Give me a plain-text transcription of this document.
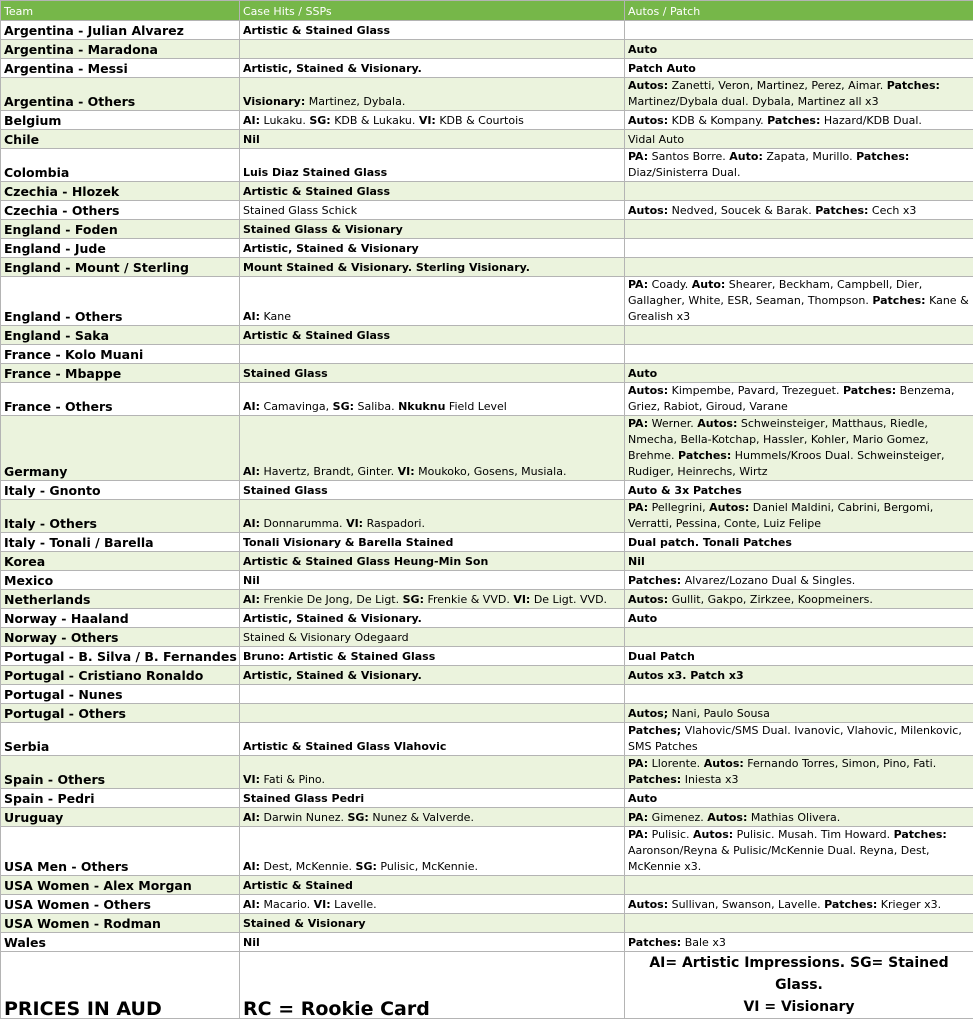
Team	Case Hits / SSPs	Autos / Patch
Argentina - Julian Alvarez	Artistic & Stained Glass	
Argentina - Maradona		Auto
Argentina - Messi	Artistic, Stained & Visionary.	Patch Auto
Argentina - Others	Visionary: Martinez, Dybala.	Autos: Zanetti, Veron, Martinez, Perez, Aimar. Patches: Martinez/Dybala dual. Dybala, Martinez all x3
Belgium	AI: Lukaku. SG: KDB & Lukaku. VI: KDB & Courtois	Autos: KDB & Kompany. Patches: Hazard/KDB Dual.
Chile	Nil	Vidal Auto
Colombia	Luis Diaz Stained Glass	PA: Santos Borre. Auto: Zapata, Murillo. Patches: Diaz/Sinisterra Dual.
Czechia - Hlozek	Artistic & Stained Glass	
Czechia - Others	Stained Glass Schick	Autos: Nedved, Soucek & Barak. Patches: Cech x3
England - Foden	Stained Glass & Visionary	
England - Jude	Artistic, Stained & Visionary	
England - Mount / Sterling	Mount Stained & Visionary. Sterling Visionary.	
England - Others	AI: Kane	PA: Coady. Auto: Shearer, Beckham, Campbell, Dier, Gallagher, White, ESR, Seaman, Thompson. Patches: Kane & Grealish x3
England - Saka	Artistic & Stained Glass	
France - Kolo Muani		
France - Mbappe	Stained Glass	Auto
France - Others	AI: Camavinga, SG: Saliba. Nkuknu Field Level	Autos: Kimpembe, Pavard, Trezeguet. Patches: Benzema, Griez, Rabiot, Giroud, Varane
Germany	AI: Havertz, Brandt, Ginter. VI: Moukoko, Gosens, Musiala.	PA: Werner. Autos: Schweinsteiger, Matthaus, Riedle, Nmecha, Bella-Kotchap, Hassler, Kohler, Mario Gomez, Brehme. Patches: Hummels/Kroos Dual. Schweinsteiger, Rudiger, Heinrechs, Wirtz
Italy - Gnonto	Stained Glass	Auto & 3x Patches
Italy - Others	AI: Donnarumma. VI: Raspadori.	PA: Pellegrini, Autos: Daniel Maldini, Cabrini, Bergomi, Verratti, Pessina, Conte, Luiz Felipe
Italy - Tonali / Barella	Tonali Visionary & Barella Stained	Dual patch. Tonali Patches
Korea	Artistic & Stained Glass Heung-Min Son	Nil
Mexico	Nil	Patches: Alvarez/Lozano Dual & Singles.
Netherlands	AI: Frenkie De Jong, De Ligt. SG: Frenkie & VVD. VI: De Ligt. VVD.	Autos: Gullit, Gakpo, Zirkzee, Koopmeiners.
Norway - Haaland	Artistic, Stained & Visionary.	Auto
Norway - Others	Stained & Visionary Odegaard	
Portugal - B. Silva / B. Fernandes	Bruno: Artistic & Stained Glass	Dual Patch
Portugal - Cristiano Ronaldo	Artistic, Stained & Visionary.	Autos x3. Patch x3
Portugal - Nunes		
Portugal - Others		Autos; Nani, Paulo Sousa
Serbia	Artistic & Stained Glass Vlahovic	Patches; Vlahovic/SMS Dual. Ivanovic, Vlahovic, Milenkovic, SMS Patches
Spain - Others	VI: Fati & Pino.	PA: Llorente. Autos: Fernando Torres, Simon, Pino, Fati. Patches: Iniesta x3
Spain - Pedri	Stained Glass Pedri	Auto
Uruguay	AI: Darwin Nunez. SG: Nunez & Valverde.	PA: Gimenez. Autos: Mathias Olivera.
USA Men - Others	AI: Dest, McKennie. SG: Pulisic, McKennie.	PA: Pulisic. Autos: Pulisic. Musah. Tim Howard. Patches: Aaronson/Reyna & Pulisic/McKennie Dual. Reyna, Dest, McKennie x3.
USA Women - Alex Morgan	Artistic & Stained	
USA Women - Others	AI: Macario. VI: Lavelle.	Autos: Sullivan, Swanson, Lavelle. Patches: Krieger x3.
USA Women - Rodman	Stained & Visionary	
Wales	Nil	Patches: Bale x3
PRICES IN AUD	RC = Rookie Card	AI= Artistic Impressions. SG= Stained Glass.
VI = Visionary
